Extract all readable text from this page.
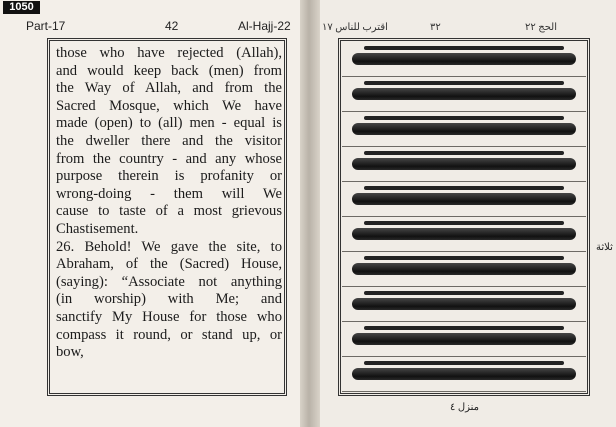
1050
Part-17	42	Al-Hajj-22
those who have rejected (Allah),
and would keep back (men) from
the Way of Allah, and from the
Sacred Mosque, which We have
made (open) to (all) men - equal is
the dweller there and the visitor
from the country - and any whose
purpose therein is profanity or
wrong-doing - them will We
cause to taste of a most grievous
Chastisement.
26. Behold! We gave the site, to
Abraham, of the (Sacred) House,
(saying): “Associate not anything
(in worship) with Me; and
sanctify My House for those who
compass it round, or stand up, or
bow,
اقترب للناس ١٧	٣٢	الحج ٢٢
ثلاثة
منزل ٤
